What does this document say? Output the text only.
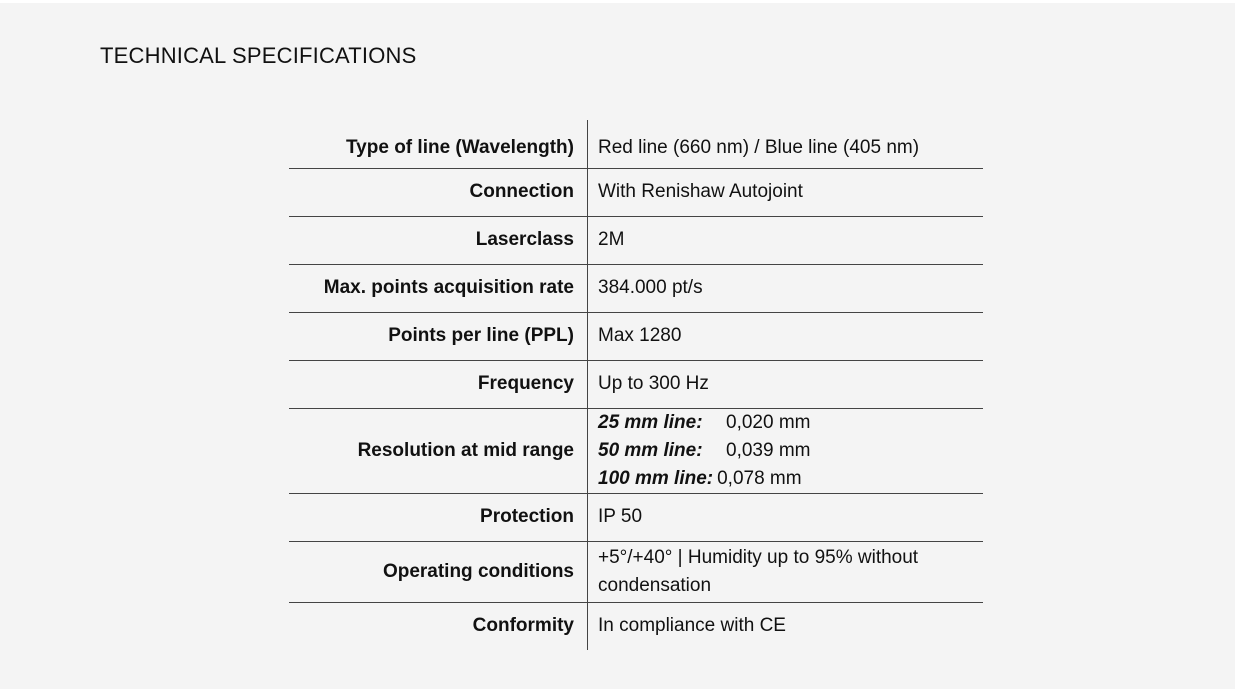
TECHNICAL SPECIFICATIONS
Type of line (Wavelength)	Red line (660 nm) / Blue line (405 nm)
Connection	With Renishaw Autojoint
Laserclass	2M
Max. points acquisition rate	384.000 pt/s
Points per line (PPL)	Max 1280
Frequency	Up to 300 Hz
Resolution at mid range	25 mm line: 0,020 mm
50 mm line: 0,039 mm
100 mm line: 0,078 mm

Protection	IP 50
Operating conditions	+5°/+40° | Humidity up to 95% without condensation
Conformity	In compliance with CE
